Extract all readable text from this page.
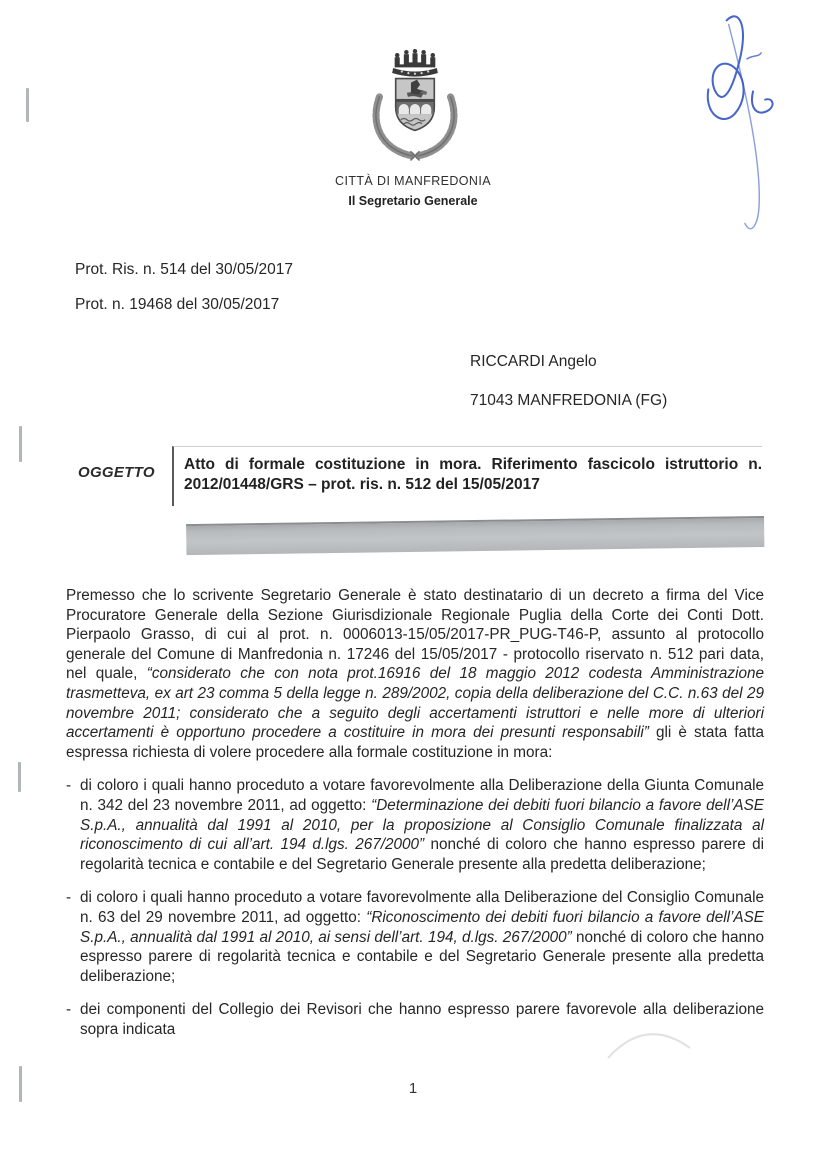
CITTÀ DI MANFREDONIA
Il Segretario Generale
Prot. Ris. n. 514 del 30/05/2017
Prot. n. 19468 del 30/05/2017
RICCARDI Angelo
71043 MANFREDONIA (FG)
OGGETTO Atto di formale costituzione in mora. Riferimento fascicolo istruttorio n. 2012/01448/GRS – prot. ris. n. 512 del 15/05/2017

Premesso che lo scrivente Segretario Generale è stato destinatario di un decreto a firma del Vice Procuratore Generale della Sezione Giurisdizionale Regionale Puglia della Corte dei Conti Dott. Pierpaolo Grasso, di cui al prot. n. 0006013-15/05/2017-PR_PUG-T46-P, assunto al protocollo generale del Comune di Manfredonia n. 17246 del 15/05/2017 - protocollo riservato n. 512 pari data, nel quale, “considerato che con nota prot.16916 del 18 maggio 2012 codesta Amministrazione trasmetteva, ex art 23 comma 5 della legge n. 289/2002, copia della deliberazione del C.C. n.63 del 29 novembre 2011; considerato che a seguito degli accertamenti istruttori e nelle more di ulteriori accertamenti è opportuno procedere a costituire in mora dei presunti responsabili” gli è stata fatta espressa richiesta di volere procedere alla formale costituzione in mora:

- di coloro i quali hanno proceduto a votare favorevolmente alla Deliberazione della Giunta Comunale n. 342 del 23 novembre 2011, ad oggetto: “Determinazione dei debiti fuori bilancio a favore dell’ASE S.p.A., annualità dal 1991 al 2010, per la proposizione al Consiglio Comunale finalizzata al riconoscimento di cui all’art. 194 d.lgs. 267/2000” nonché di coloro che hanno espresso parere di regolarità tecnica e contabile e del Segretario Generale presente alla predetta deliberazione;
- di coloro i quali hanno proceduto a votare favorevolmente alla Deliberazione del Consiglio Comunale n. 63 del 29 novembre 2011, ad oggetto: “Riconoscimento dei debiti fuori bilancio a favore dell’ASE S.p.A., annualità dal 1991 al 2010, ai sensi dell’art. 194, d.lgs. 267/2000” nonché di coloro che hanno espresso parere di regolarità tecnica e contabile e del Segretario Generale presente alla predetta deliberazione;
- dei componenti del Collegio dei Revisori che hanno espresso parere favorevole alla deliberazione sopra indicata
1
